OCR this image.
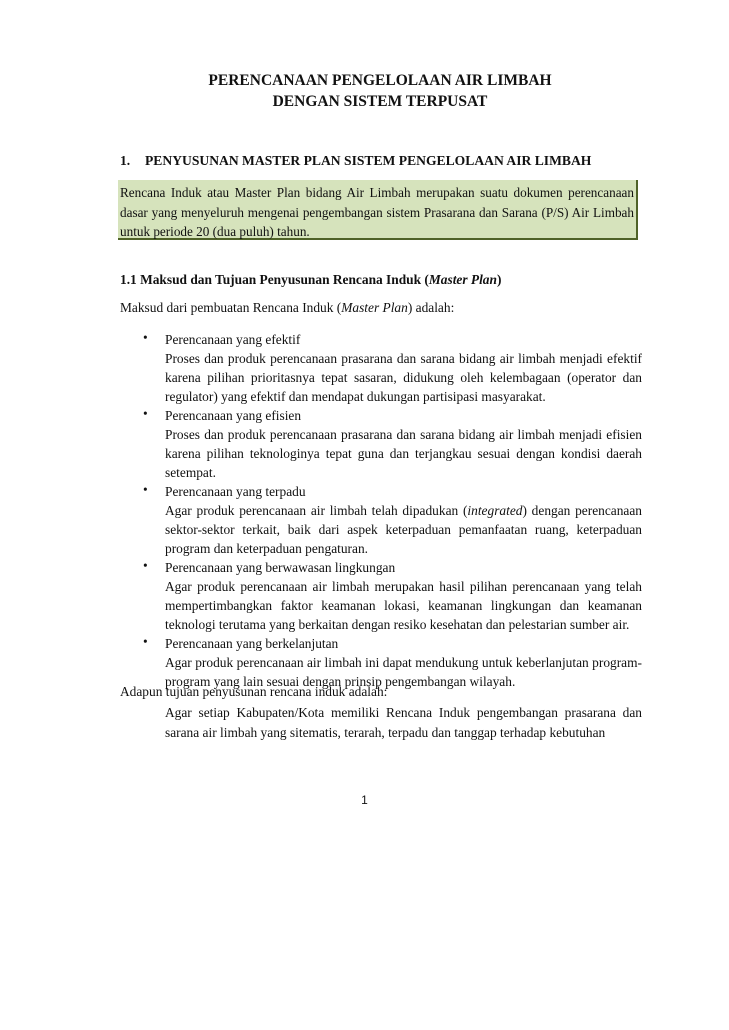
PERENCANAAN PENGELOLAAN AIR LIMBAH
DENGAN SISTEM TERPUSAT
1. PENYUSUNAN MASTER PLAN SISTEM PENGELOLAAN AIR LIMBAH
Rencana Induk atau Master Plan bidang Air Limbah merupakan suatu dokumen perencanaan dasar yang menyeluruh mengenai pengembangan sistem Prasarana dan Sarana (P/S) Air Limbah untuk periode 20 (dua puluh) tahun.
1.1 Maksud dan Tujuan Penyusunan Rencana Induk (Master Plan)
Maksud dari pembuatan Rencana Induk (Master Plan) adalah:
• Perencanaan yang efektif
Proses dan produk perencanaan prasarana dan sarana bidang air limbah menjadi efektif karena pilihan prioritasnya tepat sasaran, didukung oleh kelembagaan (operator dan regulator) yang efektif dan mendapat dukungan partisipasi masyarakat.
• Perencanaan yang efisien
Proses dan produk perencanaan prasarana dan sarana bidang air limbah menjadi efisien karena pilihan teknologinya tepat guna dan terjangkau sesuai dengan kondisi daerah setempat.
• Perencanaan yang terpadu
Agar produk perencanaan air limbah telah dipadukan (integrated) dengan perencanaan sektor-sektor terkait, baik dari aspek keterpaduan pemanfaatan ruang, keterpaduan program dan keterpaduan pengaturan.
• Perencanaan yang berwawasan lingkungan
Agar produk perencanaan air limbah merupakan hasil pilihan perencanaan yang telah mempertimbangkan faktor keamanan lokasi, keamanan lingkungan dan keamanan teknologi terutama yang berkaitan dengan resiko kesehatan dan pelestarian sumber air.
• Perencanaan yang berkelanjutan
Agar produk perencanaan air limbah ini dapat mendukung untuk keberlanjutan program-program yang lain sesuai dengan prinsip pengembangan wilayah.
Adapun tujuan penyusunan rencana induk adalah:
Agar setiap Kabupaten/Kota memiliki Rencana Induk pengembangan prasarana dan sarana air limbah yang sitematis, terarah, terpadu dan tanggap terhadap kebutuhan
1
